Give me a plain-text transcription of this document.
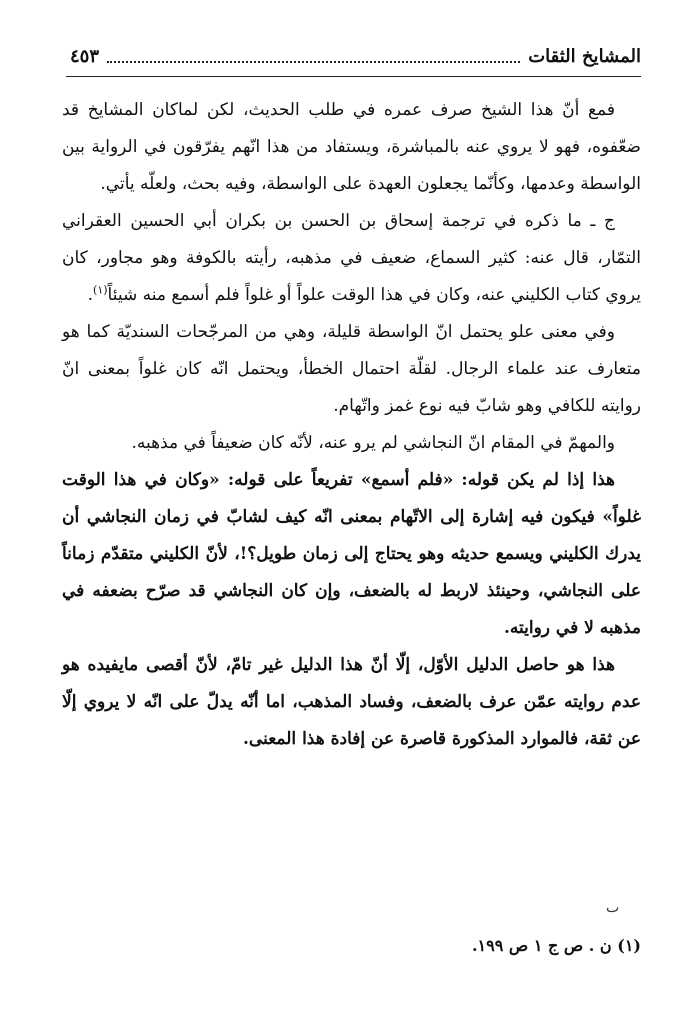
المشايخ الثقات
٤٥٣

فمع أنّ هذا الشيخ صرف عمره في طلب الحديث، لكن لماكان المشايخ قد ضعّفوه، فهو لا يروي عنه بالمباشرة، ويستفاد من هذا انّهم يفرّقون في الرواية بين الواسطة وعدمها، وكأنّما يجعلون العهدة على الواسطة، وفيه بحث، ولعلّه يأتي.

ج ـ ما ذكره في ترجمة إسحاق بن الحسن بن بكران أبي الحسين العقراني التمّار، قال عنه: كثير السماع، ضعيف في مذهبه، رأيته بالكوفة وهو مجاور، كان يروي كتاب الكليني عنه، وكان في هذا الوقت علواً أو غلواً فلم أسمع منه شيئاً$^{(١)}$.

وفي معنى علو يحتمل انّ الواسطة قليلة، وهي من المرجّحات السنديّة كما هو متعارف عند علماء الرجال. لقلّة احتمال الخطأ، ويحتمل انّه كان غلواً بمعنى انّ روايته للكافي وهو شابّ فيه نوع غمز واتّهام.

والمهمّ في المقام انّ النجاشي لم يرو عنه، لأنّه كان ضعيفاً في مذهبه.

هذا إذا لم يكن قوله: «فلم أسمع» تفريعاً على قوله: «وكان في هذا الوقت غلواً» فيكون فيه إشارة إلى الاتّهام بمعنى انّه كيف لشابّ في زمان النجاشي أن يدرك الكليني ويسمع حديثه وهو يحتاج إلى زمان طويل؟!، لأنّ الكليني متقدّم زماناً على النجاشي، وحينئذ لاربط له بالضعف، وإن كان النجاشي قد صرّح بضعفه في مذهبه لا في روايته.

هذا هو حاصل الدليل الأوّل، إلّا أنّ هذا الدليل غير تامّ، لأنّ أقصى مايفيده هو عدم روايته عمّن عرف بالضعف، وفساد المذهب، اما أنّه يدلّ على انّه لا يروي إلّا عن ثقة، فالموارد المذكورة قاصرة عن إفادة هذا المعنى.

ٮ
(١) ن . ص ج ١ ص ١٩٩.
